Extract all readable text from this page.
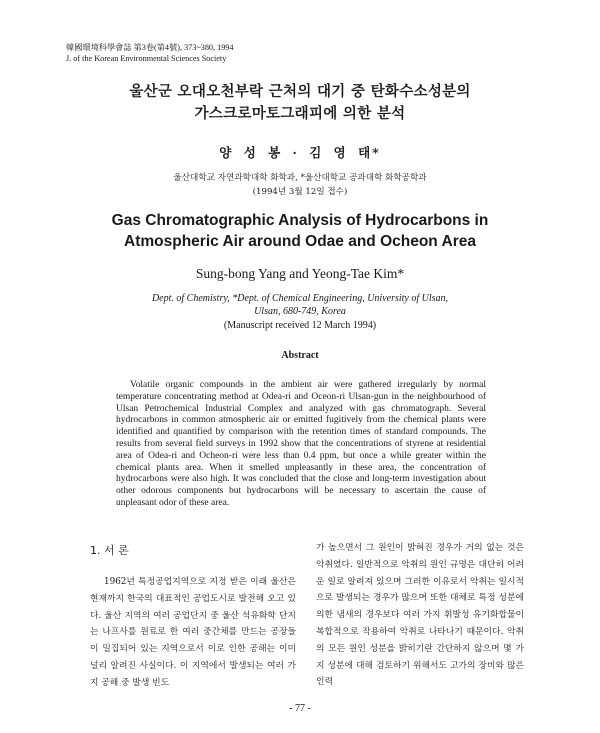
韓國環境科學會誌 第3卷(第4號), 373~380, 1994
J. of the Korean Environmental Sciences Society
울산군 오대오천부락 근처의 대기 중 탄화수소성분의
가스크로마토그래피에 의한 분석
양 성 봉 · 김 영 태*
울산대학교 자연과학대학 화학과, *울산대학교 공과대학 화학공학과
(1994년 3월 12일 접수)
Gas Chromatographic Analysis of Hydrocarbons in
Atmospheric Air around Odae and Ocheon Area
Sung-bong Yang and Yeong-Tae Kim*
Dept. of Chemistry, *Dept. of Chemical Engineering, University of Ulsan,
Ulsan, 680-749, Korea
(Manuscript received 12 March 1994)
Abstract

Volatile organic compounds in the ambient air were gathered irregularly by normal temperature concentrating method at Odea-ri and Oceon-ri Ulsan-gun in the neighbourhood of Ulsan Petrochemical Industrial Complex and analyzed with gas chromatograph. Several hydrocarbons in common atmospheric air or emitted fugitively from the chemical plants were identified and quantified by comparison with the retention times of standard compounds. The results from several field surveys in 1992 show that the concentrations of styrene at residential area of Odea-ri and Ocheon-ri were less than 0.4 ppm, but once a while greater within the chemical plants area. When it smelled unpleasantly in these area, the concentration of hydrocarbons were also high. It was concluded that the close and long-term investigation about other odorous components but hydrocarbons will be necessary to ascertain the cause of unpleasant odor of these area.

1. 서 론

1962년 특정공업지역으로 지정 받은 이래 울산은 현재까지 한국의 대표적인 공업도시로 발전해 오고 있다. 울산 지역의 여러 공업단지 중 울산 석유화학 단지는 나프사를 원료로 한 여러 중간체를 만드는 공장들이 밀집되어 있는 지역으로서 이로 인한 공해는 이미 널리 알려진 사실이다. 이 지역에서 발생되는 여러 가지 공해 중 발생 빈도

가 높으면서 그 원인이 밝혀진 경우가 거의 없는 것은 악취였다. 일반적으로 악취의 원인 규명은 대단히 어려운 일로 알려져 있으며 그러한 이유로서 악취는 일시적으로 발생되는 경우가 많으며 또한 대체로 특정 성분에 의한 냄새의 경우보다 여러 가지 휘발성 유기화합물이 복합적으로 작용하여 악취로 나타나기 때문이다. 악취의 모든 원인 성분을 밝히기란 간단하지 않으며 몇 가지 성분에 대해 검토하기 위해서도 고가의 장비와 많은 인력

- 77 -
